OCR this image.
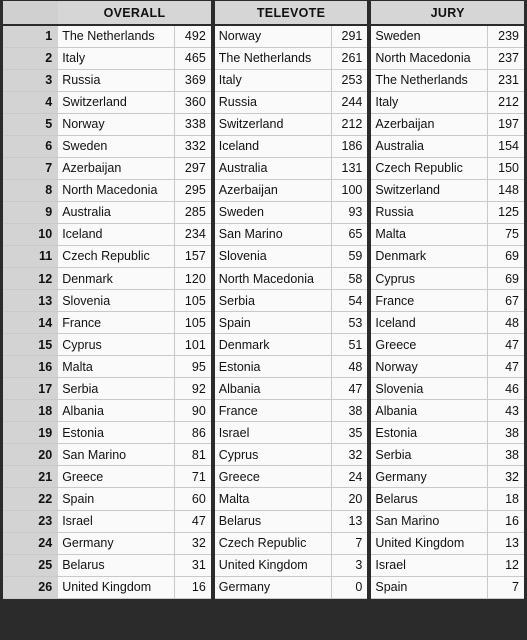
	OVERALL			TELEVOTE			JURY	
1	The Netherlands	492		Norway	291		Sweden	239
2	Italy	465		The Netherlands	261		North Macedonia	237
3	Russia	369		Italy	253		The Netherlands	231
4	Switzerland	360		Russia	244		Italy	212
5	Norway	338		Switzerland	212		Azerbaijan	197
6	Sweden	332		Iceland	186		Australia	154
7	Azerbaijan	297		Australia	131		Czech Republic	150
8	North Macedonia	295		Azerbaijan	100		Switzerland	148
9	Australia	285		Sweden	93		Russia	125
10	Iceland	234		San Marino	65		Malta	75
11	Czech Republic	157		Slovenia	59		Denmark	69
12	Denmark	120		North Macedonia	58		Cyprus	69
13	Slovenia	105		Serbia	54		France	67
14	France	105		Spain	53		Iceland	48
15	Cyprus	101		Denmark	51		Greece	47
16	Malta	95		Estonia	48		Norway	47
17	Serbia	92		Albania	47		Slovenia	46
18	Albania	90		France	38		Albania	43
19	Estonia	86		Israel	35		Estonia	38
20	San Marino	81		Cyprus	32		Serbia	38
21	Greece	71		Greece	24		Germany	32
22	Spain	60		Malta	20		Belarus	18
23	Israel	47		Belarus	13		San Marino	16
24	Germany	32		Czech Republic	7		United Kingdom	13
25	Belarus	31		United Kingdom	3		Israel	12
26	United Kingdom	16		Germany	0		Spain	7
